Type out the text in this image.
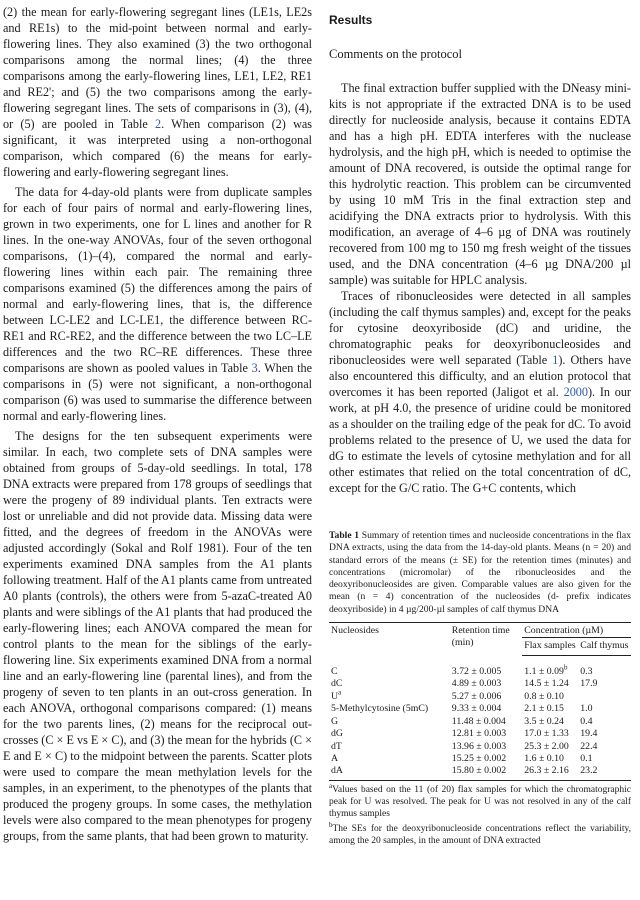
(2) the mean for early-flowering segregant lines (LE1s, LE2s and RE1s) to the mid-point between normal and early-flowering lines. They also examined (3) the two orthogonal comparisons among the normal lines; (4) the three comparisons among the early-flowering lines, LE1, LE2, RE1 and RE2'; and (5) the two comparisons among the early-flowering segregant lines. The sets of comparisons in (3), (4), or (5) are pooled in Table 2. When comparison (2) was significant, it was interpreted using a non-orthogonal comparison, which compared (6) the means for early-flowering and early-flowering segregant lines.

The data for 4-day-old plants were from duplicate samples for each of four pairs of normal and early-flowering lines, grown in two experiments, one for L lines and another for R lines. In the one-way ANOVAs, four of the seven orthogonal comparisons, (1)–(4), compared the normal and early-flowering lines within each pair. The remaining three comparisons examined (5) the differences among the pairs of normal and early-flowering lines, that is, the difference between LC-LE2 and LC-LE1, the difference between RC-RE1 and RC-RE2, and the difference between the two LC–LE differences and the two RC–RE differences. These three comparisons are shown as pooled values in Table 3. When the comparisons in (5) were not significant, a non-orthogonal comparison (6) was used to summarise the difference between normal and early-flowering lines.

The designs for the ten subsequent experiments were similar. In each, two complete sets of DNA samples were obtained from groups of 5-day-old seedlings. In total, 178 DNA extracts were prepared from 178 groups of seedlings that were the progeny of 89 individual plants. Ten extracts were lost or unreliable and did not provide data. Missing data were fitted, and the degrees of freedom in the ANOVAs were adjusted accordingly (Sokal and Rolf 1981). Four of the ten experiments examined DNA samples from the A1 plants following treatment. Half of the A1 plants came from untreated A0 plants (controls), the others were from 5-azaC-treated A0 plants and were siblings of the A1 plants that had produced the early-flowering lines; each ANOVA compared the mean for control plants to the mean for the siblings of the early-flowering line. Six experiments examined DNA from a normal line and an early-flowering line (parental lines), and from the progeny of seven to ten plants in an out-cross generation. In each ANOVA, orthogonal comparisons compared: (1) means for the two parents lines, (2) means for the reciprocal out-crosses (C × E vs E × C), and (3) the mean for the hybrids (C × E and E × C) to the midpoint between the parents. Scatter plots were used to compare the mean methylation levels for the samples, in an experiment, to the phenotypes of the plants that produced the progeny groups. In some cases, the methylation levels were also compared to the mean phenotypes for progeny groups, from the same plants, that had been grown to maturity.

Results
Comments on the protocol

The final extraction buffer supplied with the DNeasy mini-kits is not appropriate if the extracted DNA is to be used directly for nucleoside analysis, because it contains EDTA and has a high pH. EDTA interferes with the nuclease hydrolysis, and the high pH, which is needed to optimise the amount of DNA recovered, is outside the optimal range for this hydrolytic reaction. This problem can be circumvented by using 10 mM Tris in the final extraction step and acidifying the DNA extracts prior to hydrolysis. With this modification, an average of 4–6 µg of DNA was routinely recovered from 100 mg to 150 mg fresh weight of the tissues used, and the DNA concentration (4–6 µg DNA/200 µl sample) was suitable for HPLC analysis.

Traces of ribonucleosides were detected in all samples (including the calf thymus samples) and, except for the peaks for cytosine deoxyriboside (dC) and uridine, the chromatographic peaks for deoxyribonucleosides and ribonucleosides were well separated (Table 1). Others have also encountered this difficulty, and an elution protocol that overcomes it has been reported (Jaligot et al. 2000). In our work, at pH 4.0, the presence of uridine could be monitored as a shoulder on the trailing edge of the peak for dC. To avoid problems related to the presence of U, we used the data for dG to estimate the levels of cytosine methylation and for all other estimates that relied on the total concentration of dC, except for the G/C ratio. The G+C contents, which

Table 1 Summary of retention times and nucleoside concentrations in the flax DNA extracts, using the data from the 14-day-old plants. Means (n = 20) and standard errors of the means (± SE) for the retention times (minutes) and concentrations (micromolar) of the ribonucleosides and the deoxyribonucleosides are given. Comparable values are also given for the mean (n = 4) concentration of the nucleosides (d- prefix indicates deoxyriboside) in 4 µg/200-µl samples of calf thymus DNA

Nucleosides	Retention time (min)	Concentration (µM)	
		Flax samples	Calf thymus
C	3.72 ± 0.005	1.1 ± 0.09$^b$	0.3
dC	4.89 ± 0.003	14.5 ± 1.24	17.9
$U^a$	5.27 ± 0.006	0.8 ± 0.10	
5-Methylcytosine (5mC)	9.33 ± 0.004	2.1 ± 0.15	1.0
G	11.48 ± 0.004	3.5 ± 0.24	0.4
dG	12.81 ± 0.003	17.0 ± 1.33	19.4
dT	13.96 ± 0.003	25.3 ± 2.00	22.4
A	15.25 ± 0.002	1.6 ± 0.10	0.1
dA	15.80 ± 0.002	26.3 ± 2.16	23.2

$^a$Values based on the 11 (of 20) flax samples for which the chromatographic peak for U was resolved. The peak for U was not resolved in any of the calf thymus samples

$^b$The SEs for the deoxyribonucleoside concentrations reflect the variability, among the 20 samples, in the amount of DNA extracted
